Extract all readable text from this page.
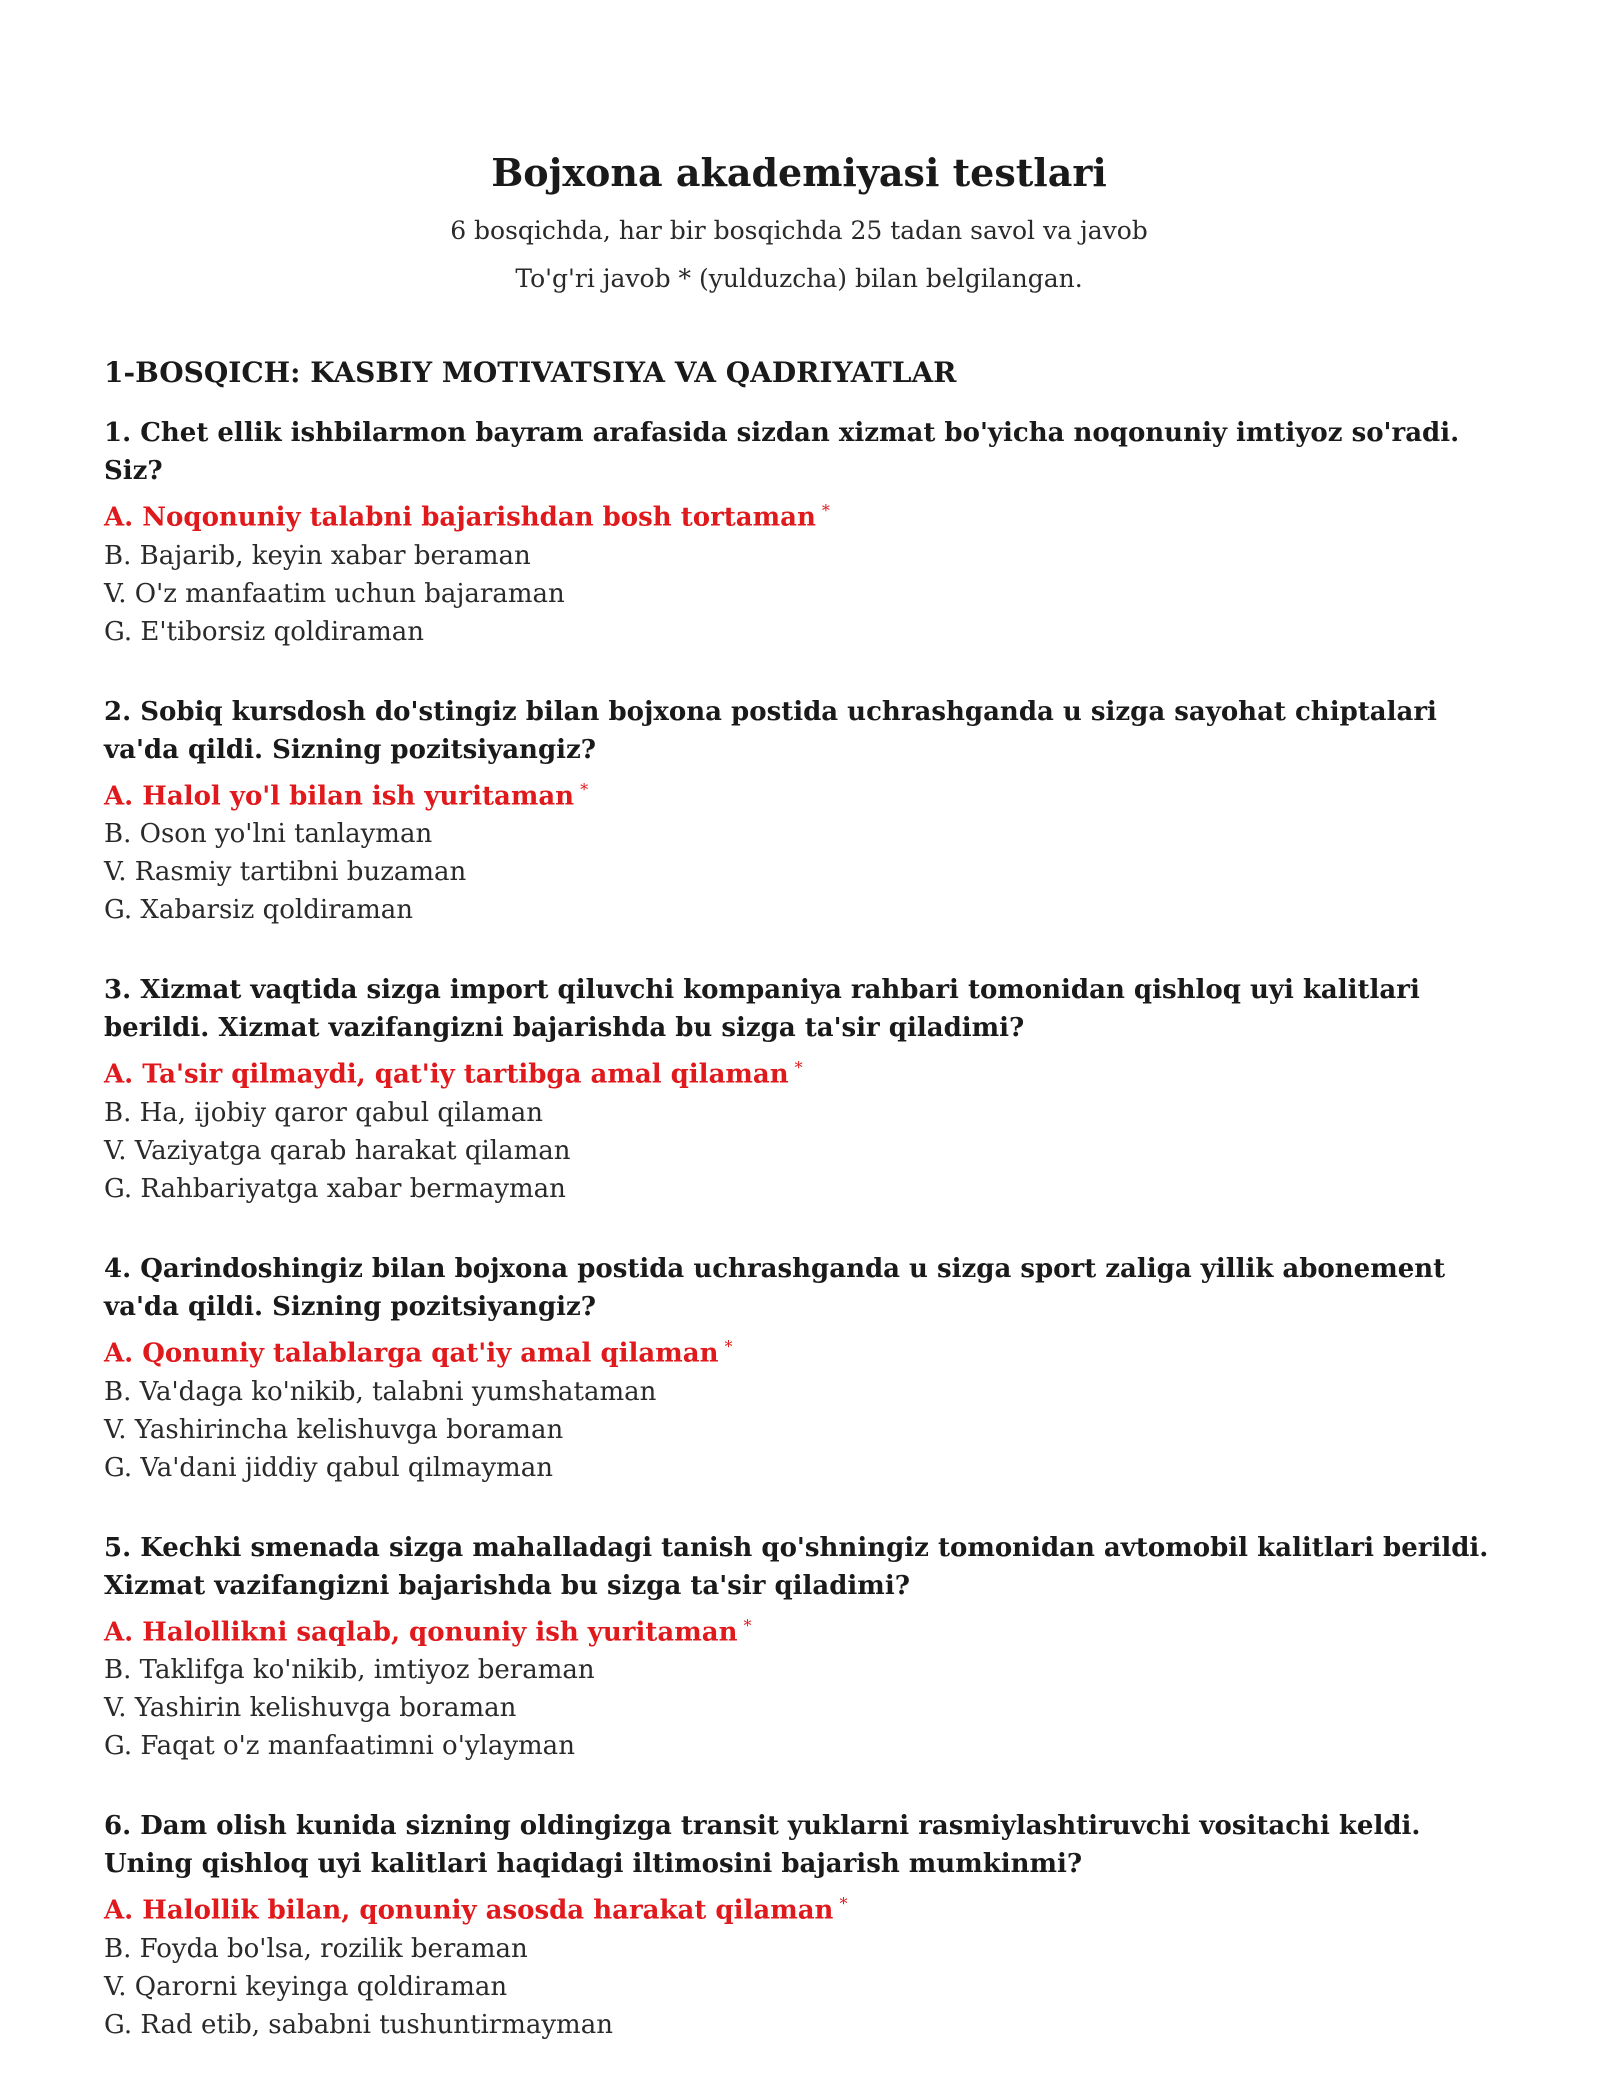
Bojxona akademiyasi testlari

6 bosqichda, har bir bosqichda 25 tadan savol va javob

To'g'ri javob * (yulduzcha) bilan belgilangan.

1-BOSQICH: KASBIY MOTIVATSIYA VA QADRIYATLAR

1. Chet ellik ishbilarmon bayram arafasida sizdan xizmat bo'yicha noqonuniy imtiyoz so'radi. Siz?

A. Noqonuniy talabni bajarishdan bosh tortaman *

B. Bajarib, keyin xabar beraman

V. O'z manfaatim uchun bajaraman

G. E'tiborsiz qoldiraman

2. Sobiq kursdosh do'stingiz bilan bojxona postida uchrashganda u sizga sayohat chiptalari va'da qildi. Sizning pozitsiyangiz?

A. Halol yo'l bilan ish yuritaman *

B. Oson yo'lni tanlayman

V. Rasmiy tartibni buzaman

G. Xabarsiz qoldiraman

3. Xizmat vaqtida sizga import qiluvchi kompaniya rahbari tomonidan qishloq uyi kalitlari berildi. Xizmat vazifangizni bajarishda bu sizga ta'sir qiladimi?

A. Ta'sir qilmaydi, qat'iy tartibga amal qilaman *

B. Ha, ijobiy qaror qabul qilaman

V. Vaziyatga qarab harakat qilaman

G. Rahbariyatga xabar bermayman

4. Qarindoshingiz bilan bojxona postida uchrashganda u sizga sport zaliga yillik abonement va'da qildi. Sizning pozitsiyangiz?

A. Qonuniy talablarga qat'iy amal qilaman *

B. Va'daga ko'nikib, talabni yumshataman

V. Yashirincha kelishuvga boraman

G. Va'dani jiddiy qabul qilmayman

5. Kechki smenada sizga mahalladagi tanish qo'shningiz tomonidan avtomobil kalitlari berildi. Xizmat vazifangizni bajarishda bu sizga ta'sir qiladimi?

A. Halollikni saqlab, qonuniy ish yuritaman *

B. Taklifga ko'nikib, imtiyoz beraman

V. Yashirin kelishuvga boraman

G. Faqat o'z manfaatimni o'ylayman

6. Dam olish kunida sizning oldingizga transit yuklarni rasmiylashtiruvchi vositachi keldi. Uning qishloq uyi kalitlari haqidagi iltimosini bajarish mumkinmi?

A. Halollik bilan, qonuniy asosda harakat qilaman *

B. Foyda bo'lsa, rozilik beraman

V. Qarorni keyinga qoldiraman

G. Rad etib, sababni tushuntirmayman
